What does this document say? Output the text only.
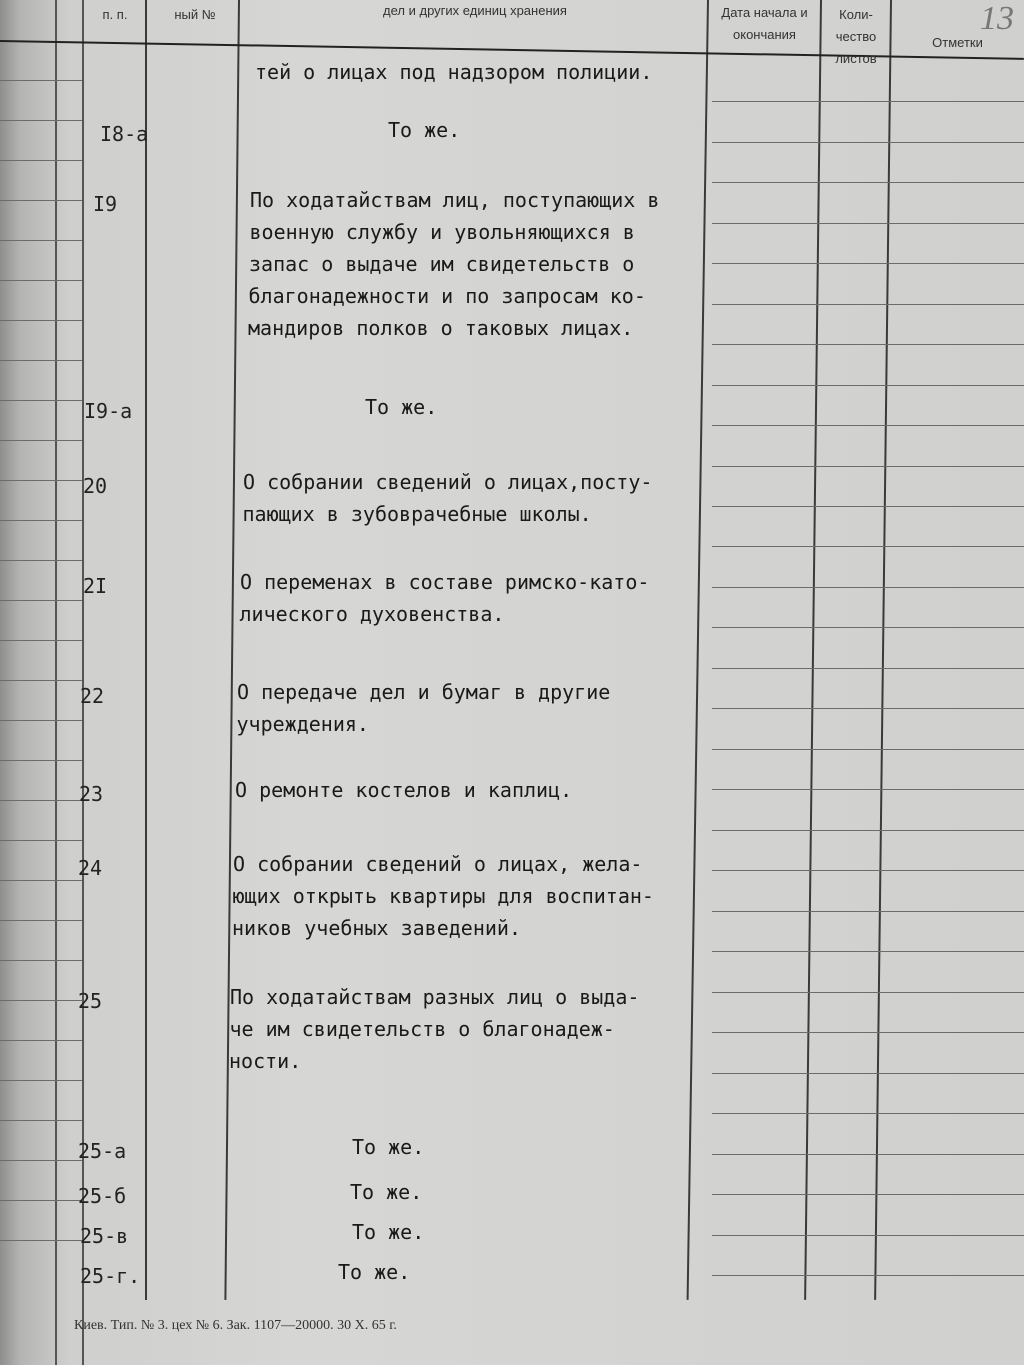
п. п.	ный №	дел и других единиц хранения	Дата начала и окончания
Коли- чество листов
Отметки
13
тей о лицах под надзором полиции.
I8-а	То же.
I9	По ходатайствам лиц, поступающих в
военную службу и увольняющихся в
запас о выдаче им свидетельств о
благонадежности и по запросам ко-
мандиров полков о таковых лицах.
I9-а	То же.
20	О собрании сведений о лицах,посту-
пающих в зубоврачебные школы.
2I	О переменах в составе римско-като-
лического духовенства.
22	О передаче дел и бумаг в другие
учреждения.
23	О ремонте костелов и каплиц.
24	О собрании сведений о лицах, жела-
ющих открыть квартиры для воспитан-
ников учебных заведений.
25	По ходатайствам разных лиц о выда-
че им свидетельств о благонадеж-
ности.
25-а	То же.
25-б	То же.
25-в	То же.
25-г.	То же.
Киев. Тип. № 3. цех № 6. Зак. 1107—20000. 30 Х. 65 г.
